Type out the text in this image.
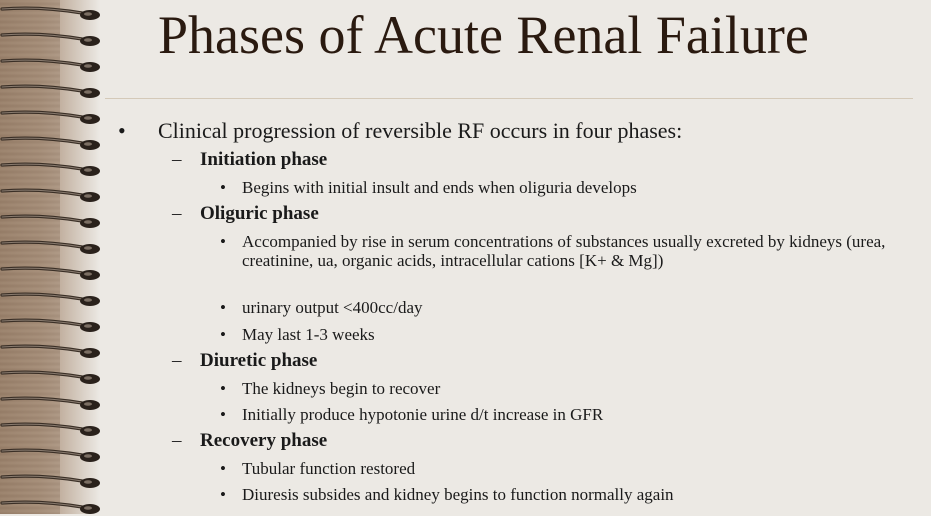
Phases of Acute Renal Failure
•	Clinical progression of reversible RF occurs in four phases:
– Initiation phase
• Begins with initial insult and ends when oliguria develops
– Oliguric phase
• Accompanied by rise in serum concentrations of substances usually excreted by kidneys (urea, creatinine, ua, organic acids, intracellular cations [K+ & Mg])
• urinary output <400cc/day
• May last 1-3 weeks
– Diuretic phase
• The kidneys begin to recover
• Initially produce hypotonie urine d/t increase in GFR
– Recovery phase
• Tubular function restored
• Diuresis subsides and kidney begins to function normally again
